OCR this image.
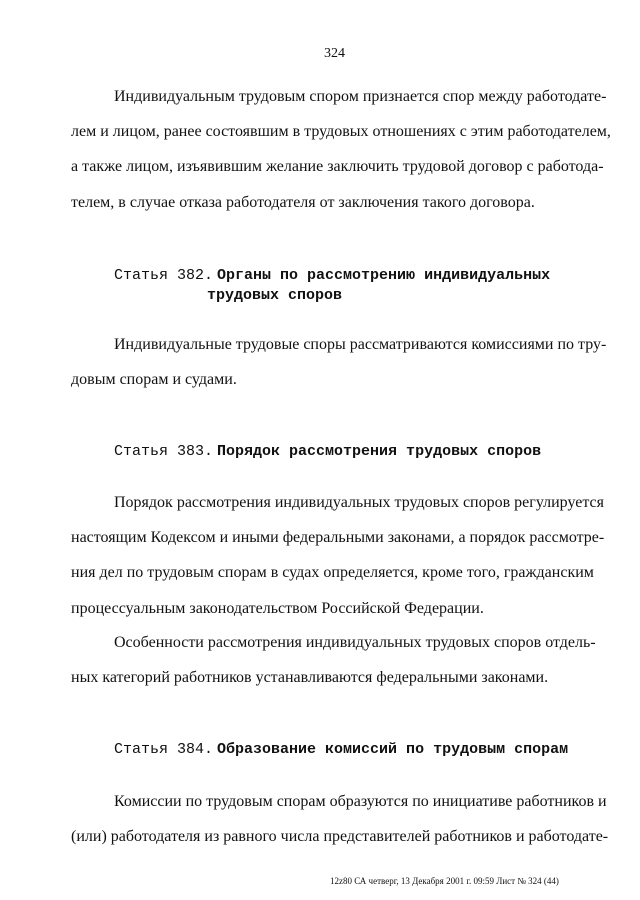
324
Индивидуальным трудовым спором признается спор между работодате-
лем и лицом, ранее состоявшим в трудовых отношениях с этим работодателем,
а также лицом, изъявившим желание заключить трудовой договор с работода-
телем, в случае отказа работодателя от заключения такого договора.
Статья 382. Органы по рассмотрению индивидуальных
трудовых споров
Индивидуальные трудовые споры рассматриваются комиссиями по тру-
довым спорам и судами.
Статья 383. Порядок рассмотрения трудовых споров
Порядок рассмотрения индивидуальных трудовых споров регулируется
настоящим Кодексом и иными федеральными законами, а порядок рассмотре-
ния дел по трудовым спорам в судах определяется, кроме того, гражданским
процессуальным законодательством Российской Федерации.
Особенности рассмотрения индивидуальных трудовых споров отдель-
ных категорий работников устанавливаются федеральными законами.
Статья 384. Образование комиссий по трудовым спорам
Комиссии по трудовым спорам образуются по инициативе работников и
(или) работодателя из равного числа представителей работников и работодате-
12z80 СА четверг, 13 Декабря 2001 г. 09:59 Лист № 324 (44)
